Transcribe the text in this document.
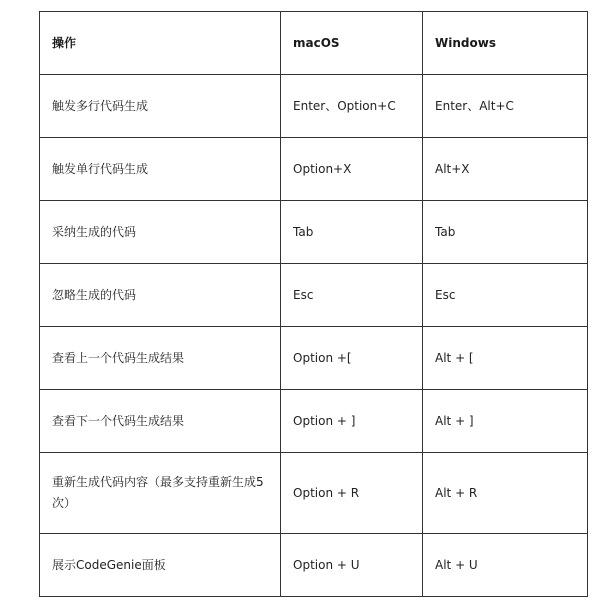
操作	macOS	Windows
触发多行代码生成	Enter、Option+C	Enter、Alt+C
触发单行代码生成	Option+X	Alt+X
采纳生成的代码	Tab	Tab
忽略生成的代码	Esc	Esc
查看上一个代码生成结果	Option +[	Alt + [
查看下一个代码生成结果	Option + ]	Alt + ]
重新生成代码内容（最多支持重新生成5次）	Option + R	Alt + R
展示CodeGenie面板	Option + U	Alt + U
